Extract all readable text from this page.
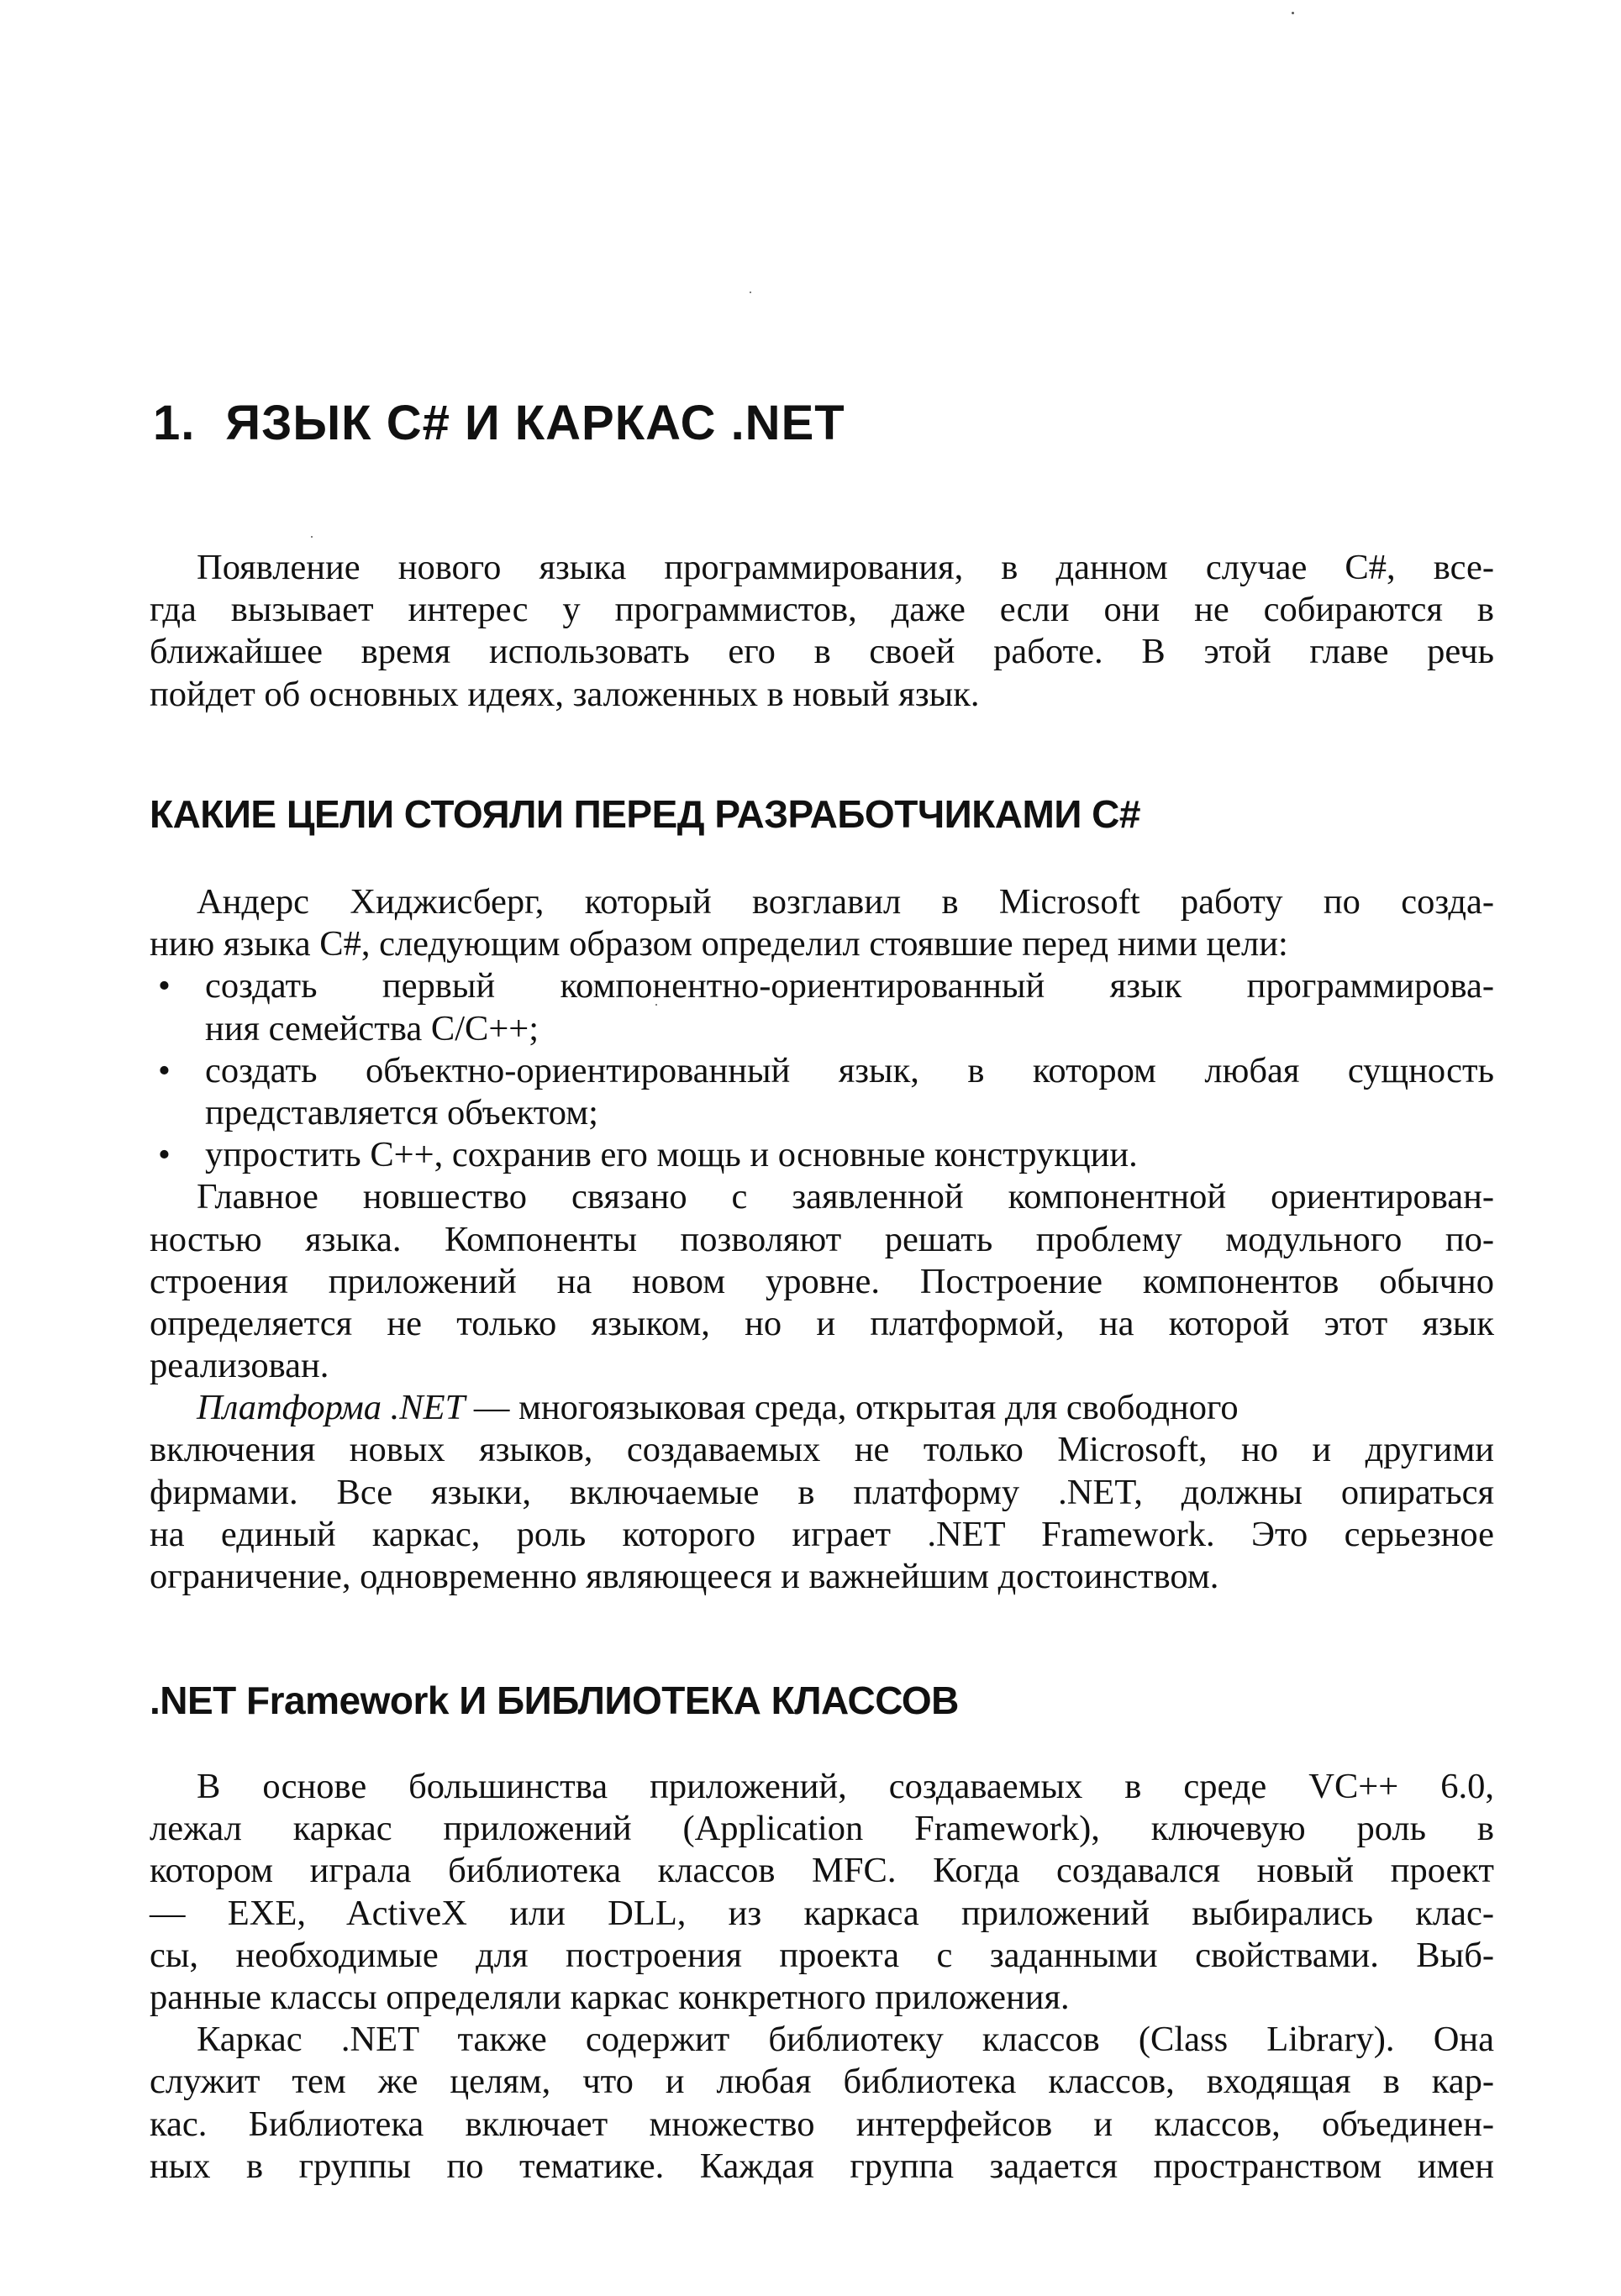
1. ЯЗЫК C# И КАРКАС .NET
Появление нового языка программирования, в данном случае C#, все-
гда вызывает интерес у программистов, даже если они не собираются в
ближайшее время использовать его в своей работе. В этой главе речь
пойдет об основных идеях, заложенных в новый язык.
КАКИЕ ЦЕЛИ СТОЯЛИ ПЕРЕД РАЗРАБОТЧИКАМИ C#
Андерс Хиджисберг, который возглавил в Microsoft работу по созда-
нию языка C#, следующим образом определил стоявшие перед ними цели:
• создать первый компонентно-ориентированный язык программирова-
ния семейства C/C++;
• создать объектно-ориентированный язык, в котором любая сущность
представляется объектом;
• упростить C++, сохранив его мощь и основные конструкции.
Главное новшество связано с заявленной компонентной ориентирован-
ностью языка. Компоненты позволяют решать проблему модульного по-
строения приложений на новом уровне. Построение компонентов обычно
определяется не только языком, но и платформой, на которой этот язык
реализован.
Платформа .NET — многоязыковая среда, открытая для свободного
включения новых языков, создаваемых не только Microsoft, но и другими
фирмами. Все языки, включаемые в платформу .NET, должны опираться
на единый каркас, роль которого играет .NET Framework. Это серьезное
ограничение, одновременно являющееся и важнейшим достоинством.
.NET Framework И БИБЛИОТЕКА КЛАССОВ
В основе большинства приложений, создаваемых в среде VC++ 6.0,
лежал каркас приложений (Application Framework), ключевую роль в
котором играла библиотека классов MFC. Когда создавался новый проект
— EXE, ActiveX или DLL, из каркаса приложений выбирались клас-
сы, необходимые для построения проекта с заданными свойствами. Выб-
ранные классы определяли каркас конкретного приложения.
Каркас .NET также содержит библиотеку классов (Class Library). Она
служит тем же целям, что и любая библиотека классов, входящая в кар-
кас. Библиотека включает множество интерфейсов и классов, объединен-
ных в группы по тематике. Каждая группа задается пространством имен
